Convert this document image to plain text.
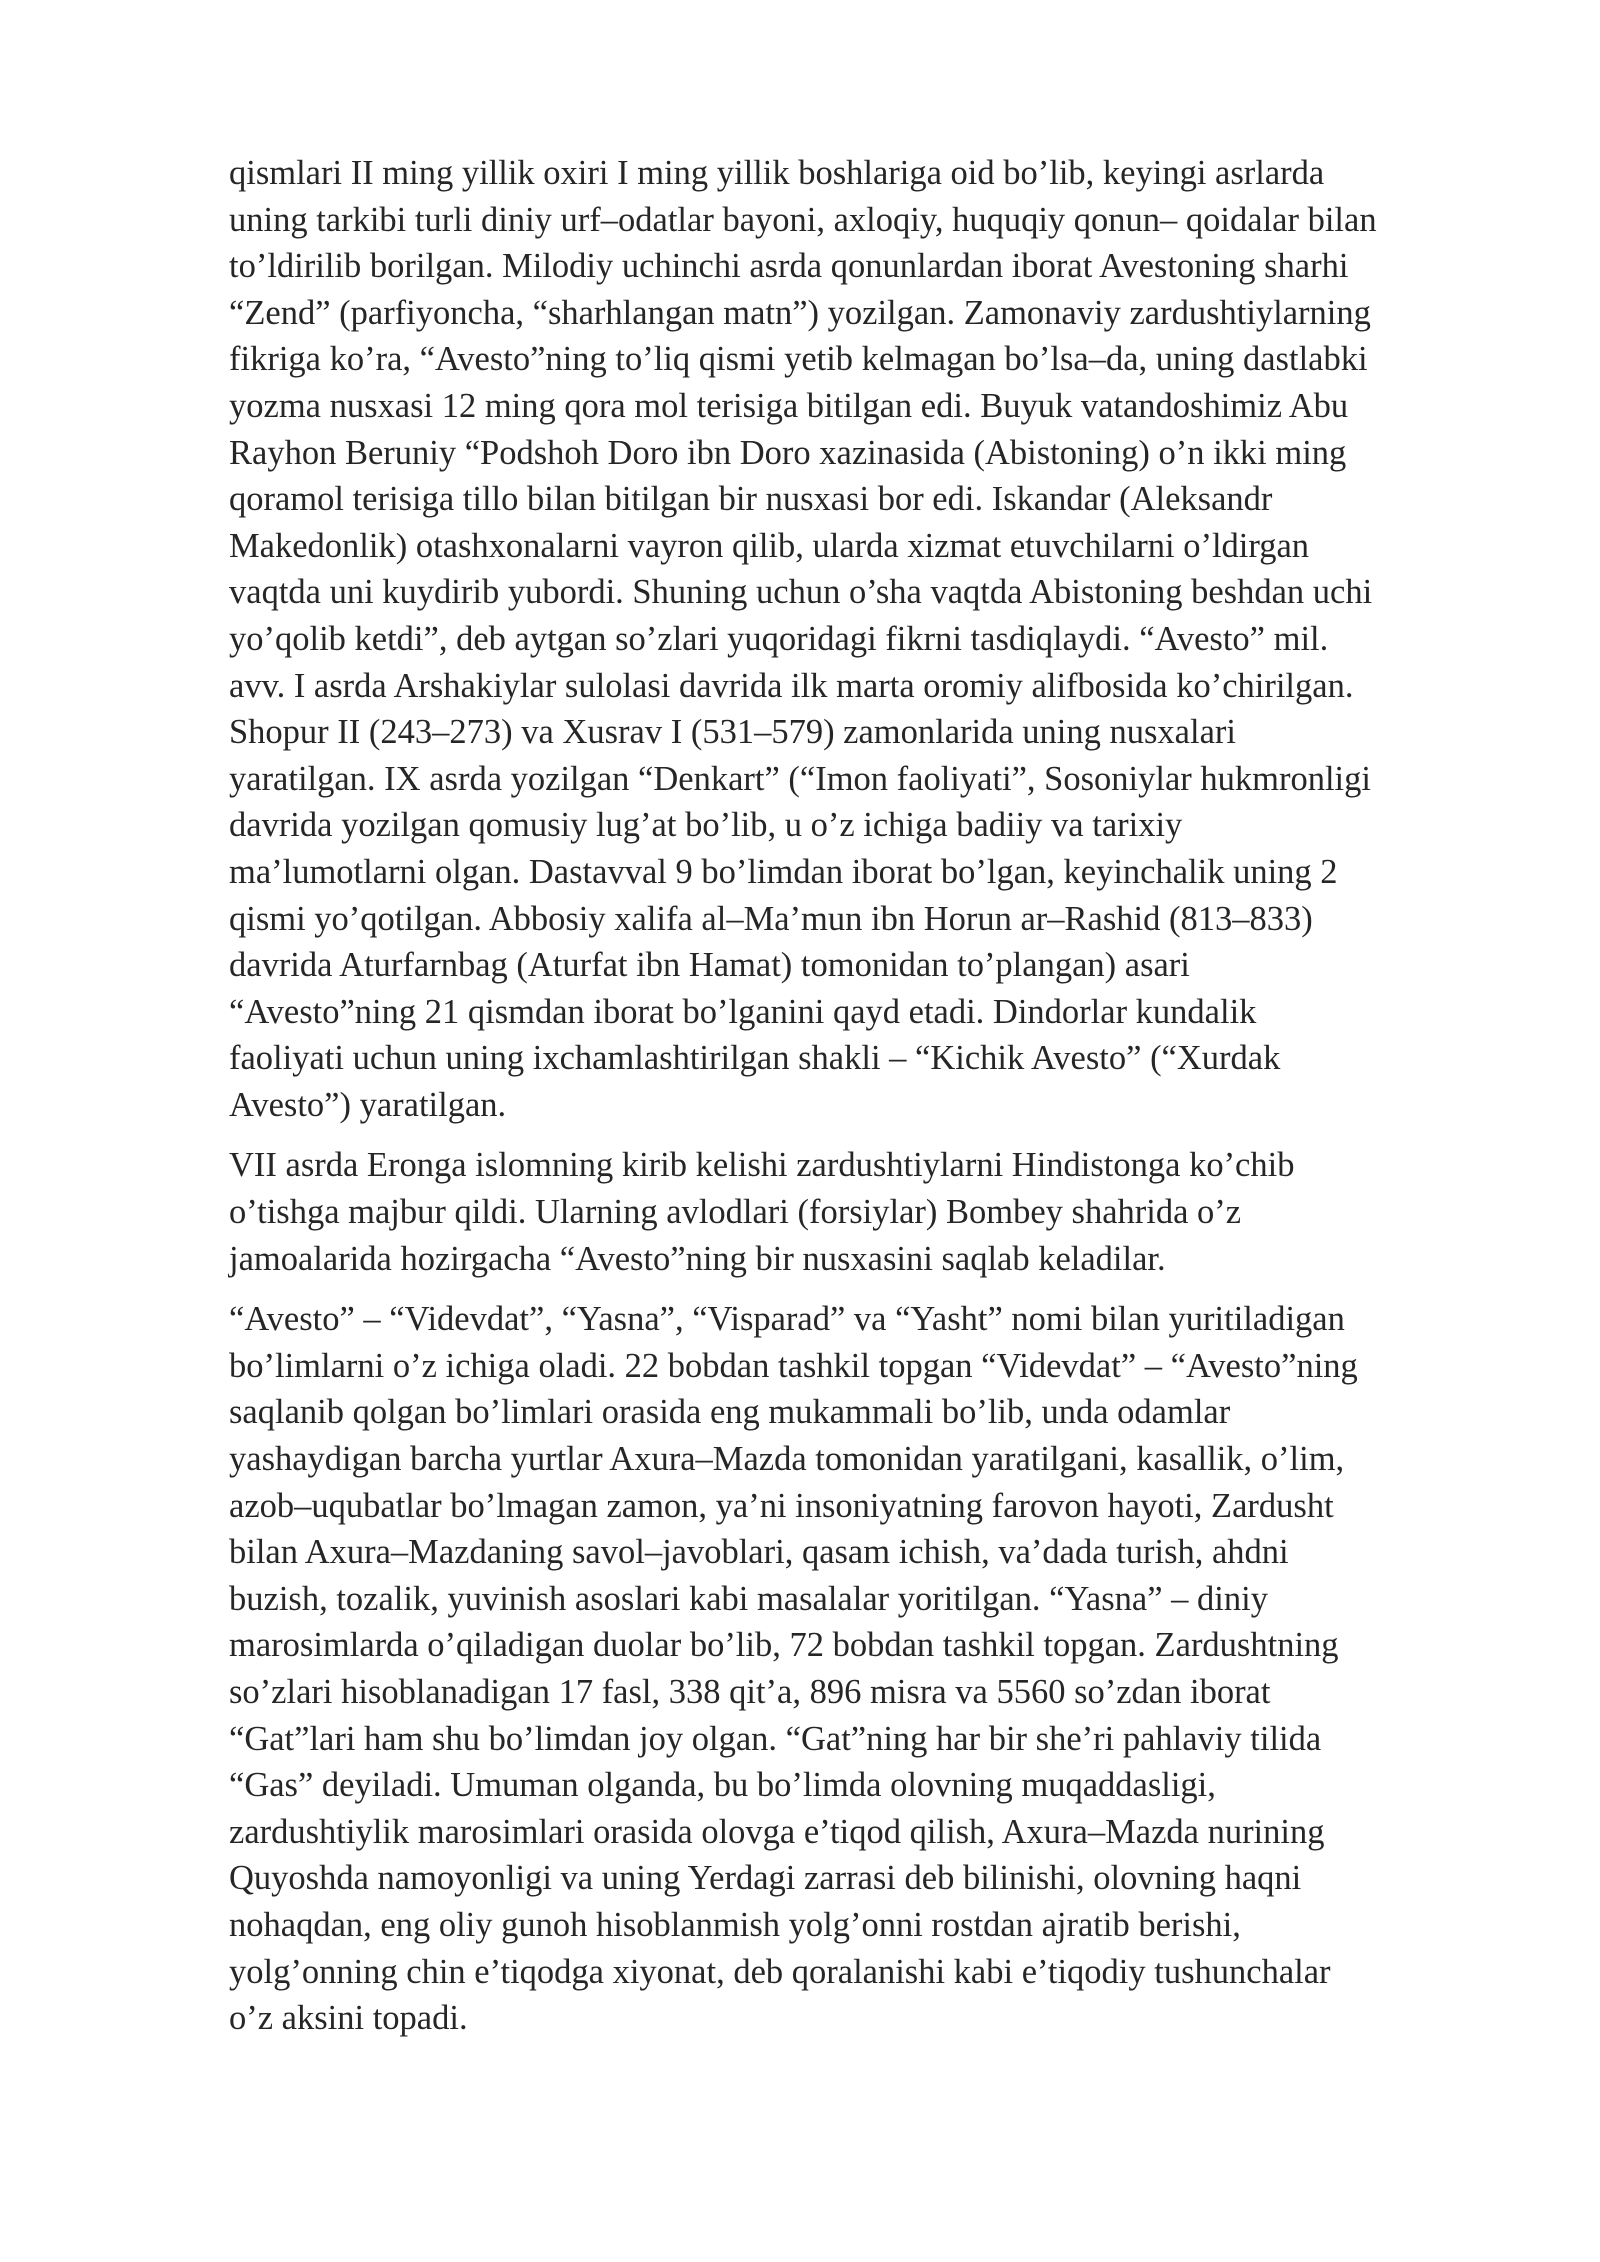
qismlari II ming yillik oxiri I ming yillik boshlariga oid bo’lib, keyingi asrlarda
uning tarkibi turli diniy urf–odatlar bayoni, axloqiy, huquqiy qonun– qoidalar bilan
to’ldirilib borilgan. Milodiy uchinchi asrda qonunlardan iborat Avestoning sharhi
“Zend” (parfiyoncha, “sharhlangan matn”) yozilgan. Zamonaviy zardushtiylarning
fikriga ko’ra, “Avesto”ning to’liq qismi yetib kelmagan bo’lsa–da, uning dastlabki
yozma nusxasi 12 ming qora mol terisiga bitilgan edi. Buyuk vatandoshimiz Abu
Rayhon Beruniy “Podshoh Doro ibn Doro xazinasida (Abistoning) o’n ikki ming
qoramol terisiga tillo bilan bitilgan bir nusxasi bor edi. Iskandar (Aleksandr
Makedonlik) otashxonalarni vayron qilib, ularda xizmat etuvchilarni o’ldirgan
vaqtda uni kuydirib yubordi. Shuning uchun o’sha vaqtda Abistoning beshdan uchi
yo’qolib ketdi”, deb aytgan so’zlari yuqoridagi fikrni tasdiqlaydi. “Avesto” mil.
avv. I asrda Arshakiylar sulolasi davrida ilk marta oromiy alifbosida ko’chirilgan.
Shopur II (243–273) va Xusrav I (531–579) zamonlarida uning nusxalari
yaratilgan. IX asrda yozilgan “Denkart” (“Imon faoliyati”, Sosoniylar hukmronligi
davrida yozilgan qomusiy lug’at bo’lib, u o’z ichiga badiiy va tarixiy
ma’lumotlarni olgan. Dastavval 9 bo’limdan iborat bo’lgan, keyinchalik uning 2
qismi yo’qotilgan. Abbosiy xalifa al–Ma’mun ibn Horun ar–Rashid (813–833)
davrida Aturfarnbag (Aturfat ibn Hamat) tomonidan to’plangan) asari
“Avesto”ning 21 qismdan iborat bo’lganini qayd etadi. Dindorlar kundalik
faoliyati uchun uning ixchamlashtirilgan shakli – “Kichik Avesto” (“Xurdak
Avesto”) yaratilgan.

VII asrda Eronga islomning kirib kelishi zardushtiylarni Hindistonga ko’chib
o’tishga majbur qildi. Ularning avlodlari (forsiylar) Bombey shahrida o’z
jamoalarida hozirgacha “Avesto”ning bir nusxasini saqlab keladilar.

“Avesto” – “Videvdat”, “Yasna”, “Visparad” va “Yasht” nomi bilan yuritiladigan
bo’limlarni o’z ichiga oladi. 22 bobdan tashkil topgan “Videvdat” – “Avesto”ning
saqlanib qolgan bo’limlari orasida eng mukammali bo’lib, unda odamlar
yashaydigan barcha yurtlar Axura–Mazda tomonidan yaratilgani, kasallik, o’lim,
azob–uqubatlar bo’lmagan zamon, ya’ni insoniyatning farovon hayoti, Zardusht
bilan Axura–Mazdaning savol–javoblari, qasam ichish, va’dada turish, ahdni
buzish, tozalik, yuvinish asoslari kabi masalalar yoritilgan. “Yasna” – diniy
marosimlarda o’qiladigan duolar bo’lib, 72 bobdan tashkil topgan. Zardushtning
so’zlari hisoblanadigan 17 fasl, 338 qit’a, 896 misra va 5560 so’zdan iborat
“Gat”lari ham shu bo’limdan joy olgan. “Gat”ning har bir she’ri pahlaviy tilida
“Gas” deyiladi. Umuman olganda, bu bo’limda olovning muqaddasligi,
zardushtiylik marosimlari orasida olovga e’tiqod qilish, Axura–Mazda nurining
Quyoshda namoyonligi va uning Yerdagi zarrasi deb bilinishi, olovning haqni
nohaqdan, eng oliy gunoh hisoblanmish yolg’onni rostdan ajratib berishi,
yolg’onning chin e’tiqodga xiyonat, deb qoralanishi kabi e’tiqodiy tushunchalar
o’z aksini topadi.
